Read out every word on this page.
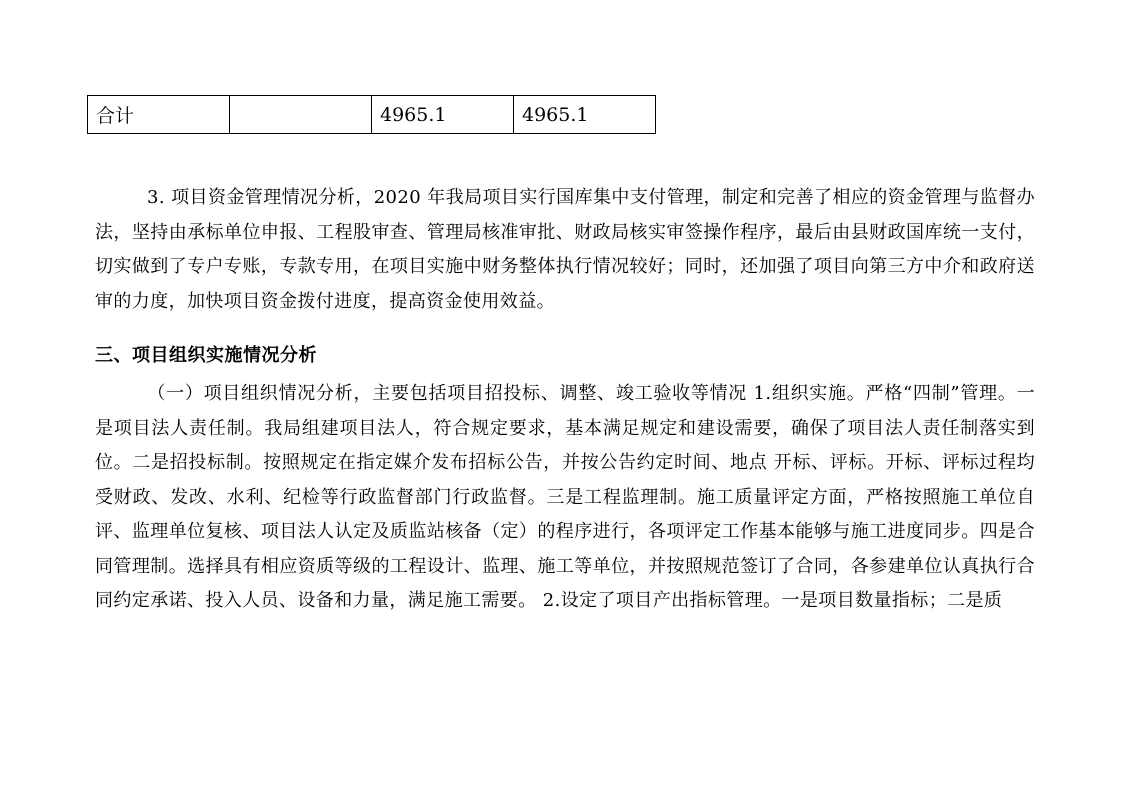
合计		4965.1	4965.1
3. 项目资金管理情况分析，2020 年我局项目实行国库集中支付管理，制定和完善了相应的资金管理与监督办法，坚持由承标单位申报、工程股审查、管理局核准审批、财政局核实审签操作程序，最后由县财政国库统一支付，切实做到了专户专账，专款专用，在项目实施中财务整体执行情况较好；同时，还加强了项目向第三方中介和政府送审的力度，加快项目资金拨付进度，提高资金使用效益。
三、项目组织实施情况分析
（一）项目组织情况分析，主要包括项目招投标、调整、竣工验收等情况 1.组织实施。严格“四制”管理。一是项目法人责任制。我局组建项目法人，符合规定要求，基本满足规定和建设需要，确保了项目法人责任制落实到位。二是招投标制。按照规定在指定媒介发布招标公告，并按公告约定时间、地点 开标、评标。开标、评标过程均受财政、发改、水利、纪检等行政监督部门行政监督。三是工程监理制。施工质量评定方面，严格按照施工单位自评、监理单位复核、项目法人认定及质监站核备（定）的程序进行，各项评定工作基本能够与施工进度同步。四是合同管理制。选择具有相应资质等级的工程设计、监理、施工等单位，并按照规范签订了合同，各参建单位认真执行合同约定承诺、投入人员、设备和力量，满足施工需要。 2.设定了项目产出指标管理。一是项目数量指标；二是质
